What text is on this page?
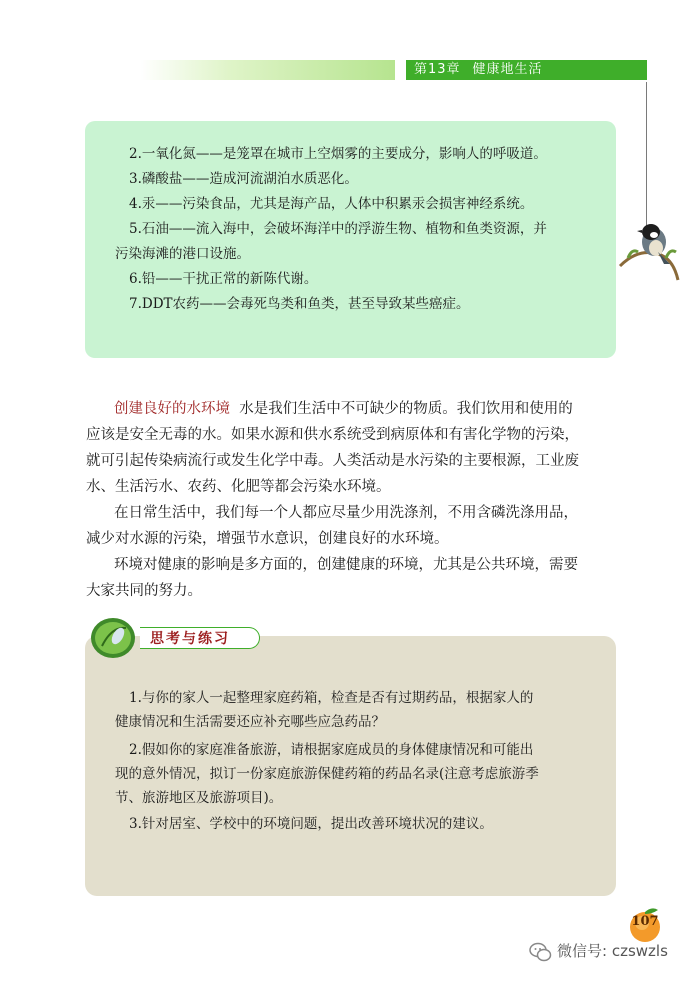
第13章 健康地生活
2.一氧化氮——是笼罩在城市上空烟雾的主要成分，影响人的呼吸道。
3.磷酸盐——造成河流湖泊水质恶化。
4.汞——污染食品，尤其是海产品，人体中积累汞会损害神经系统。
5.石油——流入海中，会破坏海洋中的浮游生物、植物和鱼类资源，并
污染海滩的港口设施。
6.铅——干扰正常的新陈代谢。
7.DDT农药——会毒死鸟类和鱼类，甚至导致某些癌症。

创建良好的水环境 水是我们生活中不可缺少的物质。我们饮用和使用的
应该是安全无毒的水。如果水源和供水系统受到病原体和有害化学物的污染，
就可引起传染病流行或发生化学中毒。人类活动是水污染的主要根源，工业废
水、生活污水、农药、化肥等都会污染水环境。

在日常生活中，我们每一个人都应尽量少用洗涤剂，不用含磷洗涤用品，
减少对水源的污染，增强节水意识，创建良好的水环境。

环境对健康的影响是多方面的，创建健康的环境，尤其是公共环境，需要
大家共同的努力。

1.与你的家人一起整理家庭药箱，检查是否有过期药品，根据家人的
健康情况和生活需要还应补充哪些应急药品？
2.假如你的家庭准备旅游，请根据家庭成员的身体健康情况和可能出
现的意外情况，拟订一份家庭旅游保健药箱的药品名录(注意考虑旅游季
节、旅游地区及旅游项目)。
3.针对居室、学校中的环境问题，提出改善环境状况的建议。
思考与练习
107
微信号: czswzls
